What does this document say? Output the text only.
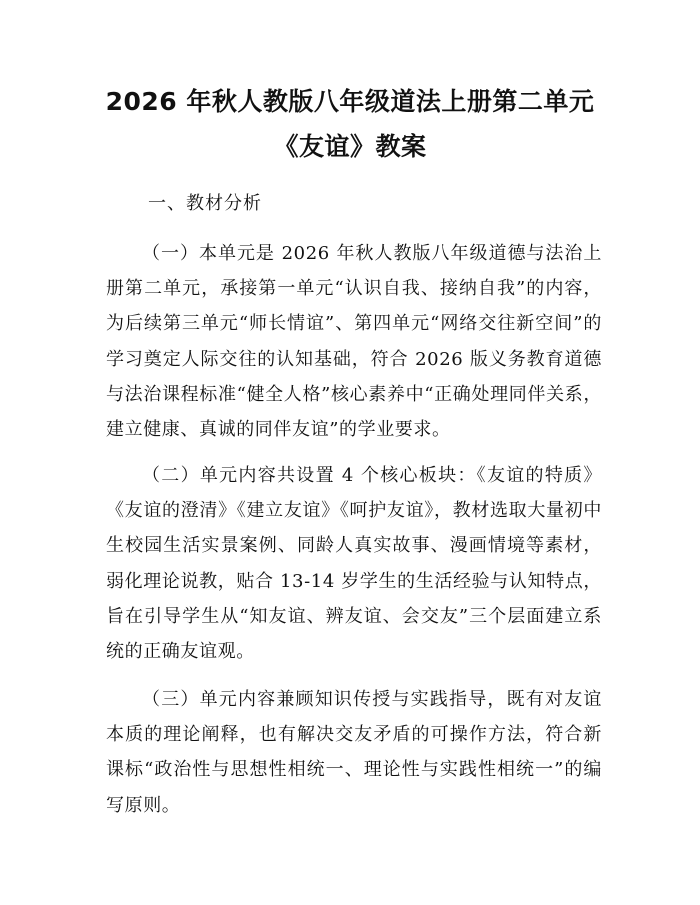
2026 年秋人教版八年级道法上册第二单元
《友谊》教案
一、教材分析

（一）本单元是 2026 年秋人教版八年级道德与法治上册第二单元，承接第一单元“认识自我、接纳自我”的内容，为后续第三单元“师长情谊”、第四单元“网络交往新空间”的学习奠定人际交往的认知基础，符合 2026 版义务教育道德与法治课程标准“健全人格”核心素养中“正确处理同伴关系，建立健康、真诚的同伴友谊”的学业要求。

（二）单元内容共设置 4 个核心板块：《友谊的特质》《友谊的澄清》《建立友谊》《呵护友谊》，教材选取大量初中生校园生活实景案例、同龄人真实故事、漫画情境等素材，弱化理论说教，贴合 13-14 岁学生的生活经验与认知特点，旨在引导学生从“知友谊、辨友谊、会交友”三个层面建立系统的正确友谊观。

（三）单元内容兼顾知识传授与实践指导，既有对友谊本质的理论阐释，也有解决交友矛盾的可操作方法，符合新课标“政治性与思想性相统一、理论性与实践性相统一”的编写原则。
